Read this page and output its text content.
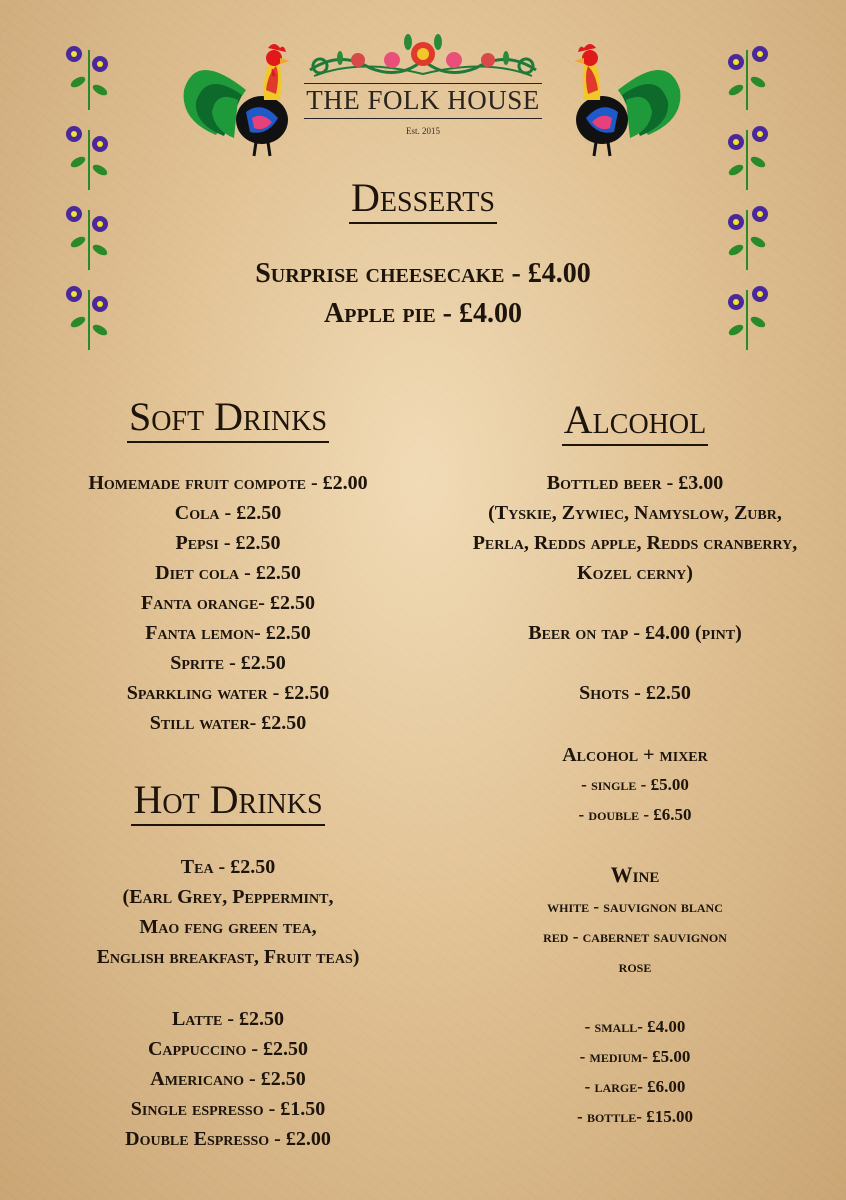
THE FOLK HOUSE
Est. 2015
Desserts
Surprise cheesecake - £4.00
Apple pie - £4.00
Soft Drinks
Homemade fruit compote - £2.00
Cola - £2.50
Pepsi - £2.50
Diet cola - £2.50
Fanta orange- £2.50
Fanta lemon- £2.50
Sprite - £2.50
Sparkling water - £2.50
Still water- £2.50
Hot Drinks
Tea - £2.50
(Earl Grey, Peppermint,
Mao feng green tea,
English breakfast, Fruit teas)
Latte - £2.50
Cappuccino - £2.50
Americano - £2.50
Single espresso - £1.50
Double Espresso - £2.00
Alcohol
Bottled beer - £3.00
(Tyskie, Zywiec, Namyslow, Zubr,
Perla, Redds apple, Redds cranberry,
Kozel cerny)
Beer on tap - £4.00 (pint)
Shots - £2.50
Alcohol + mixer
- single - £5.00
- double - £6.50
Wine
white - sauvignon blanc
red - cabernet sauvignon
rose
- small- £4.00
- medium- £5.00
- large- £6.00
- bottle- £15.00
